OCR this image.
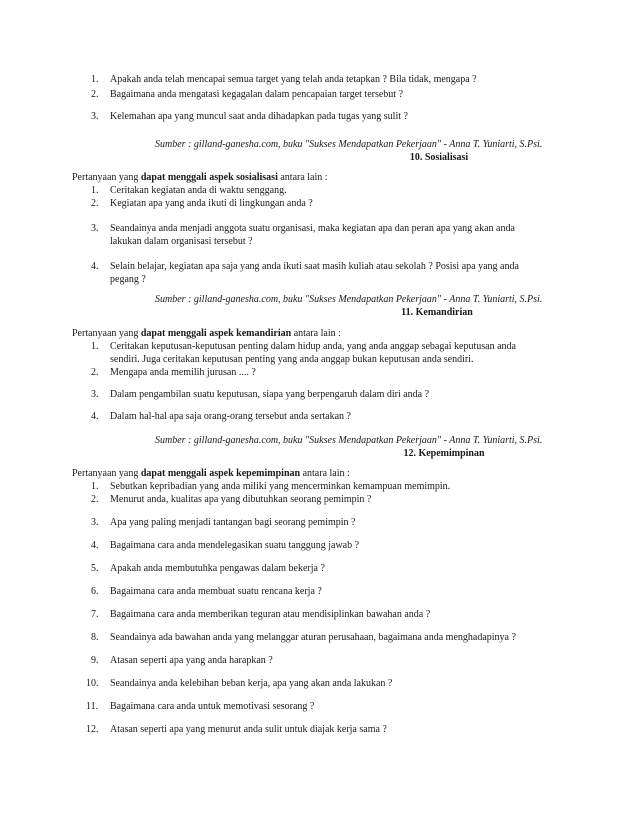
1.	Apakah anda telah mencapai semua target yang telah anda tetapkan ? Bila tidak, mengapa ?
2.	Bagaimana anda mengatasi kegagalan dalam pencapaian target tersebut ?
3.	Kelemahan apa yang muncul saat anda dihadapkan pada tugas yang sulit ?
Sumber : gilland-ganesha.com, buku "Sukses Mendapatkan Pekerjaan" - Anna T. Yuniarti, S.Psi.
10. Sosialisasi
Pertanyaan yang dapat menggali aspek sosialisasi antara lain :
1.	Ceritakan kegiatan anda di waktu senggang.
2.	Kegiatan apa yang anda ikuti di lingkungan anda ?
3.	Seandainya anda menjadi anggota suatu organisasi, maka kegiatan apa dan peran apa yang akan anda
lakukan dalam organisasi tersebut ?
4.	Selain belajar, kegiatan apa saja yang anda ikuti saat masih kuliah atau sekolah ? Posisi apa yang anda
pegang ?
Sumber : gilland-ganesha.com, buku "Sukses Mendapatkan Pekerjaan" - Anna T. Yuniarti, S.Psi.
11. Kemandirian
Pertanyaan yang dapat menggali aspek kemandirian antara lain :
1.	Ceritakan keputusan-keputusan penting dalam hidup anda, yang anda anggap sebagai keputusan anda
sendiri. Juga ceritakan keputusan penting yang anda anggap bukan keputusan anda sendiri.
2.	Mengapa anda memilih jurusan .... ?
3.	Dalam pengambilan suatu keputusan, siapa yang berpengaruh dalam diri anda ?
4.	Dalam hal-hal apa saja orang-orang tersebut anda sertakan ?
Sumber : gilland-ganesha.com, buku "Sukses Mendapatkan Pekerjaan" - Anna T. Yuniarti, S.Psi.
12. Kepemimpinan
Pertanyaan yang dapat menggali aspek kepemimpinan antara lain :
1.	Sebutkan kepribadian yang anda miliki yang mencerminkan kemampuan memimpin.
2.	Menurut anda, kualitas apa yang dibutuhkan seorang pemimpin ?
3.	Apa yang paling menjadi tantangan bagi seorang pemimpin ?
4.	Bagaimana cara anda mendelegasikan suatu tanggung jawab ?
5.	Apakah anda membutuhka pengawas dalam bekerja ?
6.	Bagaimana cara anda membuat suatu rencana kerja ?
7.	Bagaimana cara anda memberikan teguran atau mendisiplinkan bawahan anda ?
8.	Seandainya ada bawahan anda yang melanggar aturan perusahaan, bagaimana anda menghadapinya ?
9.	Atasan seperti apa yang anda harapkan ?
10.	Seandainya anda kelebihan beban kerja, apa yang akan anda lakukan ?
11.	Bagaimana cara anda untuk memotivasi sesorang ?
12.	Atasan seperti apa yang menurut anda sulit untuk diajak kerja sama ?
